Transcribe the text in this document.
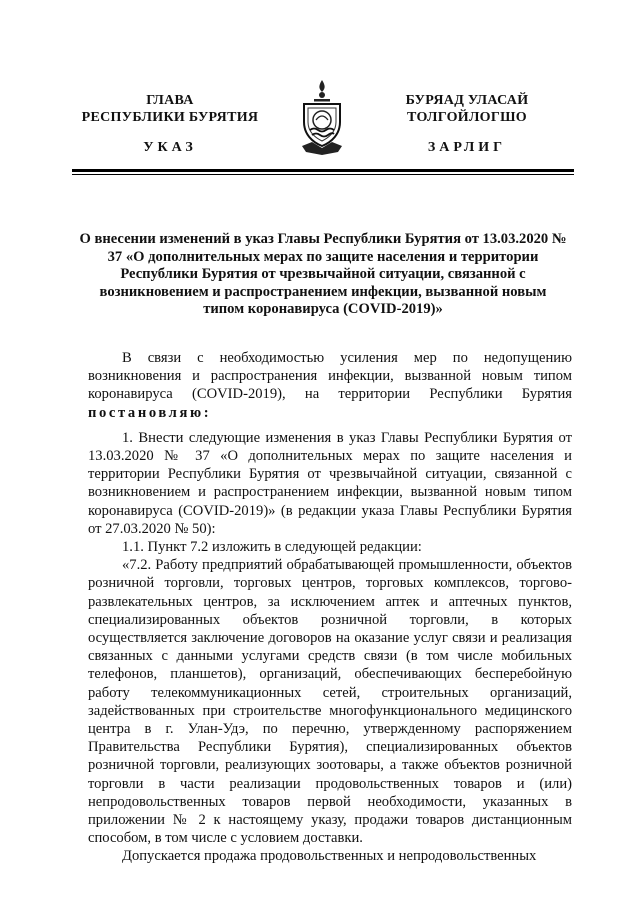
ГЛАВА
РЕСПУБЛИКИ БУРЯТИЯ
УКАЗ
БУРЯАД УЛАСАЙ
ТОЛГОЙЛОГШО
ЗАРЛИГ
О внесении изменений в указ Главы Республики Бурятия от 13.03.2020 № 37 «О дополнительных мерах по защите населения и территории Республики Бурятия от чрезвычайной ситуации, связанной с возникновением и распространением инфекции, вызванной новым типом коронавируса (COVID-2019)»

В связи с необходимостью усиления мер по недопущению возникновения и распространения инфекции, вызванной новым типом коронавируса (COVID-2019), на территории Республики Бурятия постановляю:

1. Внести следующие изменения в указ Главы Республики Бурятия от 13.03.2020 № 37 «О дополнительных мерах по защите населения и территории Республики Бурятия от чрезвычайной ситуации, связанной с возникновением и распространением инфекции, вызванной новым типом коронавируса (COVID-2019)» (в редакции указа Главы Республики Бурятия от 27.03.2020 № 50):

1.1. Пункт 7.2 изложить в следующей редакции:

«7.2. Работу предприятий обрабатывающей промышленности, объектов розничной торговли, торговых центров, торговых комплексов, торгово-развлекательных центров, за исключением аптек и аптечных пунктов, специализированных объектов розничной торговли, в которых осуществляется заключение договоров на оказание услуг связи и реализация связанных с данными услугами средств связи (в том числе мобильных телефонов, планшетов), организаций, обеспечивающих бесперебойную работу телекоммуникационных сетей, строительных организаций, задействованных при строительстве многофункционального медицинского центра в г. Улан-Удэ, по перечню, утвержденному распоряжением Правительства Республики Бурятия), специализированных объектов розничной торговли, реализующих зоотовары, а также объектов розничной торговли в части реализации продовольственных товаров и (или) непродовольственных товаров первой необходимости, указанных в приложении № 2 к настоящему указу, продажи товаров дистанционным способом, в том числе с условием доставки.

Допускается продажа продовольственных и непродовольственных
